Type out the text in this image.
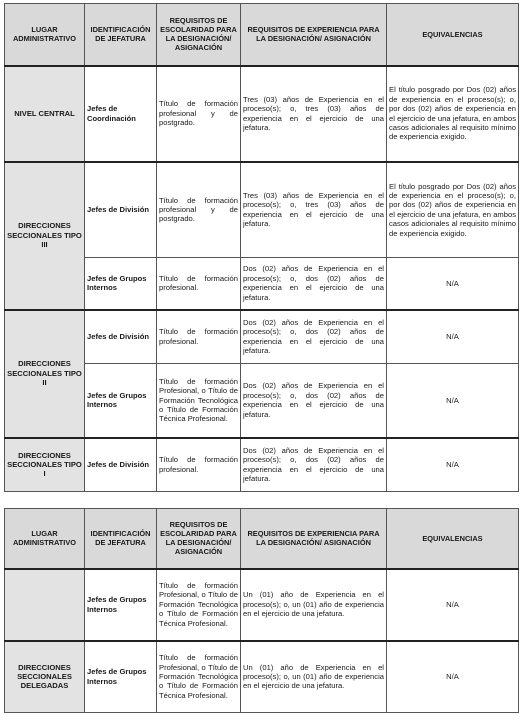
LUGAR ADMINISTRATIVO	IDENTIFICACIÓN DE JEFATURA	REQUISITOS DE ESCOLARIDAD PARA LA DESIGNACIÓN/ ASIGNACIÓN	REQUISITOS DE EXPERIENCIA PARA LA DESIGNACIÓN/ ASIGNACIÓN	EQUIVALENCIAS
NIVEL CENTRAL	Jefes de Coordinación	Título de formación profesional y de postgrado.	Tres (03) años de Experiencia en el proceso(s); o, tres (03) años de experiencia en el ejercicio de una jefatura.	El título posgrado por Dos (02) años de experiencia en el proceso(s); o, por dos (02) años de experiencia en el ejercicio de una jefatura, en ambos casos adicionales al requisito mínimo de experiencia exigido.
DIRECCIONES SECCIONALES TIPO III	Jefes de División	Título de formación profesional y de postgrado.	Tres (03) años de Experiencia en el proceso(s); o, tres (03) años de experiencia en el ejercicio de una jefatura.	El título posgrado por Dos (02) años de experiencia en el proceso(s); o, por dos (02) años de experiencia en el ejercicio de una jefatura, en ambos casos adicionales al requisito mínimo de experiencia exigido.
	Jefes de Grupos Internos	Título de formación profesional.	Dos (02) años de Experiencia en el proceso(s); o, dos (02) años de experiencia en el ejercicio de una jefatura.	N/A
DIRECCIONES SECCIONALES TIPO II	Jefes de División	Título de formación profesional.	Dos (02) años de Experiencia en el proceso(s); o, dos (02) años de experiencia en el ejercicio de una jefatura.	N/A
	Jefes de Grupos Internos	Título de formación Profesional, o Título de Formación Tecnológica o Título de Formación Técnica Profesional.	Dos (02) años de Experiencia en el proceso(s); o, dos (02) años de experiencia en el ejercicio de una jefatura.	N/A
DIRECCIONES SECCIONALES TIPO I	Jefes de División	Título de formación profesional.	Dos (02) años de Experiencia en el proceso(s); o, dos (02) años de experiencia en el ejercicio de una jefatura.	N/A
LUGAR ADMINISTRATIVO	IDENTIFICACIÓN DE JEFATURA	REQUISITOS DE ESCOLARIDAD PARA LA DESIGNACIÓN/ ASIGNACIÓN	REQUISITOS DE EXPERIENCIA PARA LA DESIGNACIÓN/ ASIGNACIÓN	EQUIVALENCIAS
	Jefes de Grupos Internos	Título de formación Profesional, o Título de Formación Tecnológica o Título de Formación Técnica Profesional.	Un (01) año de Experiencia en el proceso(s); o, un (01) año de experiencia en el ejercicio de una jefatura.	N/A
DIRECCIONES SECCIONALES DELEGADAS	Jefes de Grupos Internos	Título de formación Profesional, o Título de Formación Tecnológica o Título de Formación Técnica Profesional.	Un (01) año de Experiencia en el proceso(s); o, un (01) año de experiencia en el ejercicio de una jefatura.	N/A
